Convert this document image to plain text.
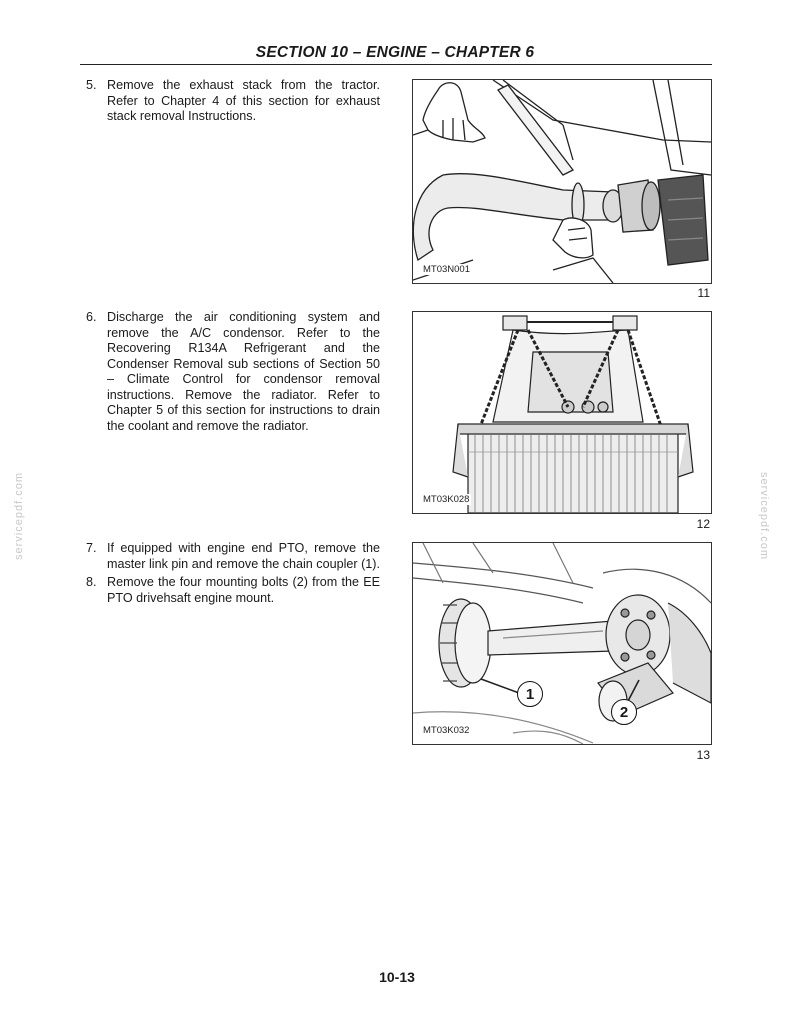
SECTION 10 – ENGINE – CHAPTER 6
5. Remove the exhaust stack from the tractor. Refer to Chapter 4 of this section for exhaust stack removal Instructions.
6. Discharge the air conditioning system and remove the A/C condensor. Refer to the Recovering R134A Refrigerant and the Condenser Removal sub sections of Section 50 – Climate Control for condensor removal instructions. Remove the radiator. Refer to Chapter 5 of this section for instructions to drain the coolant and remove the radiator.
7. If equipped with engine end PTO, remove the master link pin and remove the chain coupler (1).
8. Remove the four mounting bolts (2) from the EE PTO drivehsaft engine mount.
MT03N001
11
MT03K028
12
1
2
MT03K032
13
servicepdf.com	servicepdf.com
10-13
